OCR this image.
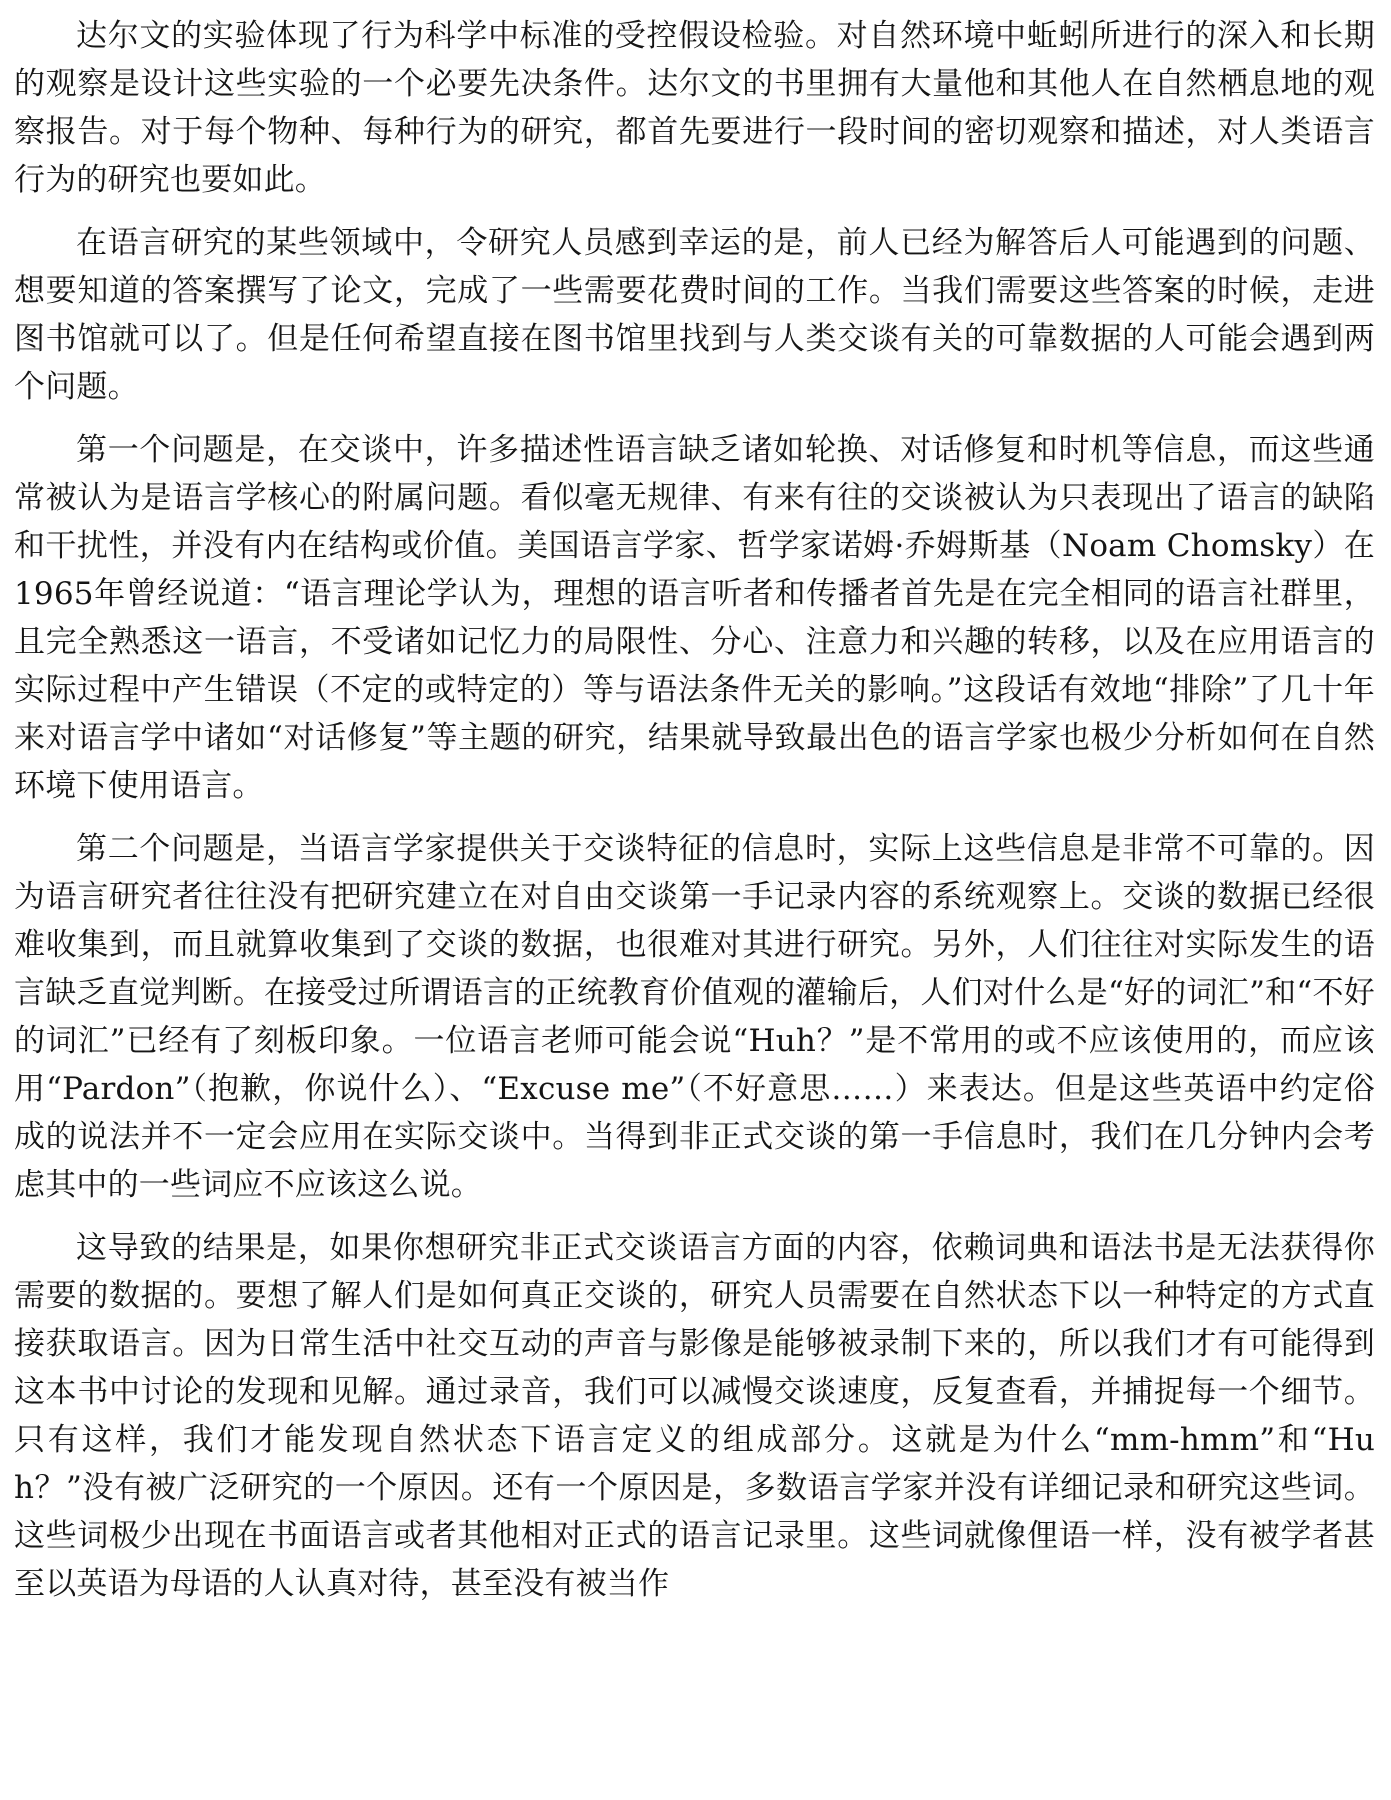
达尔文的实验体现了行为科学中标准的受控假设检验。对自然环境中蚯蚓所进行的深入和长期的观察是设计这些实验的一个必要先决条件。达尔文的书里拥有大量他和其他人在自然栖息地的观察报告。对于每个物种、每种行为的研究，都首先要进行一段时间的密切观察和描述，对人类语言行为的研究也要如此。

在语言研究的某些领域中，令研究人员感到幸运的是，前人已经为解答后人可能遇到的问题、想要知道的答案撰写了论文，完成了一些需要花费时间的工作。当我们需要这些答案的时候，走进图书馆就可以了。但是任何希望直接在图书馆里找到与人类交谈有关的可靠数据的人可能会遇到两个问题。

第一个问题是，在交谈中，许多描述性语言缺乏诸如轮换、对话修复和时机等信息，而这些通常被认为是语言学核心的附属问题。看似毫无规律、有来有往的交谈被认为只表现出了语言的缺陷和干扰性，并没有内在结构或价值。美国语言学家、哲学家诺姆·乔姆斯基（Noam Chomsky）在1965年曾经说道：“语言理论学认为，理想的语言听者和传播者首先是在完全相同的语言社群里，且完全熟悉这一语言，不受诸如记忆力的局限性、分心、注意力和兴趣的转移，以及在应用语言的实际过程中产生错误（不定的或特定的）等与语法条件无关的影响。”这段话有效地“排除”了几十年来对语言学中诸如“对话修复”等主题的研究，结果就导致最出色的语言学家也极少分析如何在自然环境下使用语言。

第二个问题是，当语言学家提供关于交谈特征的信息时，实际上这些信息是非常不可靠的。因为语言研究者往往没有把研究建立在对自由交谈第一手记录内容的系统观察上。交谈的数据已经很难收集到，而且就算收集到了交谈的数据，也很难对其进行研究。另外，人们往往对实际发生的语言缺乏直觉判断。在接受过所谓语言的正统教育价值观的灌输后，人们对什么是“好的词汇”和“不好的词汇”已经有了刻板印象。一位语言老师可能会说“Huh？”是不常用的或不应该使用的，而应该用“Pardon”（抱歉，你说什么）、“Excuse me”（不好意思……）来表达。但是这些英语中约定俗成的说法并不一定会应用在实际交谈中。当得到非正式交谈的第一手信息时，我们在几分钟内会考虑其中的一些词应不应该这么说。

这导致的结果是，如果你想研究非正式交谈语言方面的内容，依赖词典和语法书是无法获得你需要的数据的。要想了解人们是如何真正交谈的，研究人员需要在自然状态下以一种特定的方式直接获取语言。因为日常生活中社交互动的声音与影像是能够被录制下来的，所以我们才有可能得到这本书中讨论的发现和见解。通过录音，我们可以减慢交谈速度，反复查看，并捕捉每一个细节。只有这样，我们才能发现自然状态下语言定义的组成部分。这就是为什么“mm-hmm”和“Huh？”没有被广泛研究的一个原因。还有一个原因是，多数语言学家并没有详细记录和研究这些词。这些词极少出现在书面语言或者其他相对正式的语言记录里。这些词就像俚语一样，没有被学者甚至以英语为母语的人认真对待，甚至没有被当作
